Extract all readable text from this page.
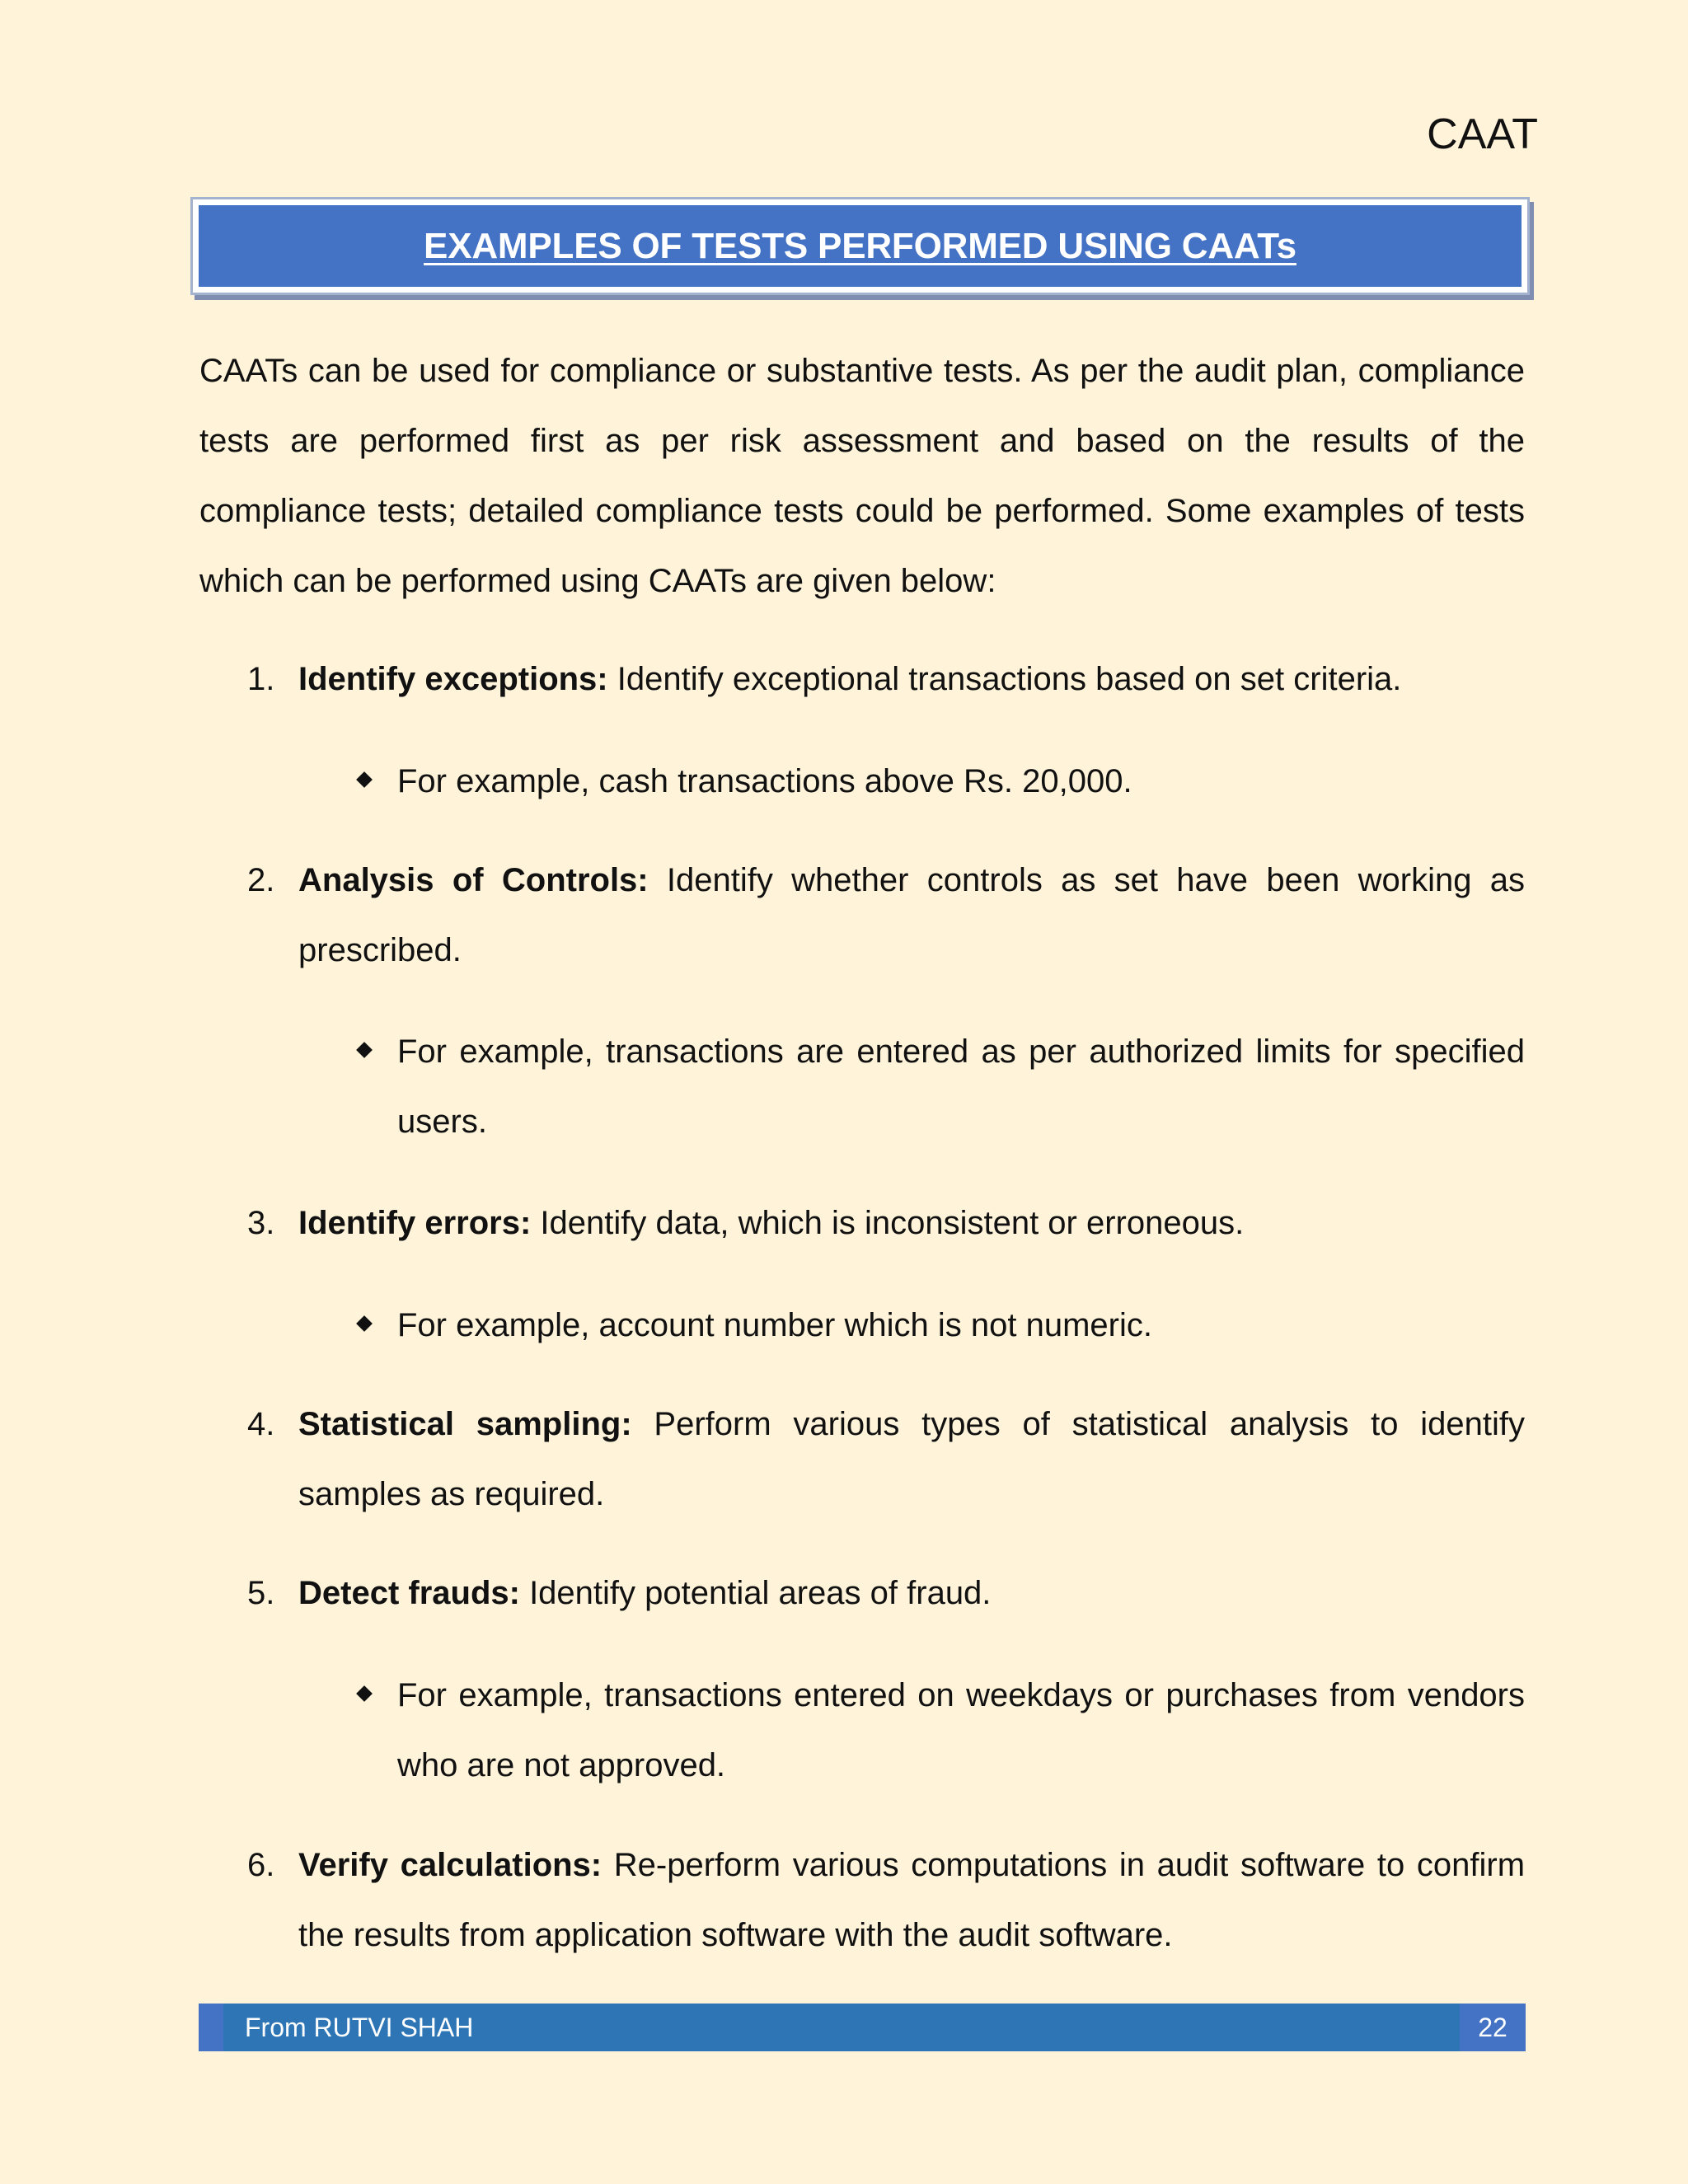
CAAT
EXAMPLES OF TESTS PERFORMED USING CAATs

CAATs can be used for compliance or substantive tests. As per the audit plan, compliance tests are performed first as per risk assessment and based on the results of the compliance tests; detailed compliance tests could be performed. Some examples of tests which can be performed using CAATs are given below:

1. Identify exceptions: Identify exceptional transactions based on set criteria.

For example, cash transactions above Rs. 20,000.

2. Analysis of Controls: Identify whether controls as set have been working as prescribed.

For example, transactions are entered as per authorized limits for specified users.

3. Identify errors: Identify data, which is inconsistent or erroneous.

For example, account number which is not numeric.

4. Statistical sampling: Perform various types of statistical analysis to identify samples as required.

5. Detect frauds: Identify potential areas of fraud.

For example, transactions entered on weekdays or purchases from vendors who are not approved.

6. Verify calculations: Re-perform various computations in audit software to confirm the results from application software with the audit software.

From RUTVI SHAH	22
